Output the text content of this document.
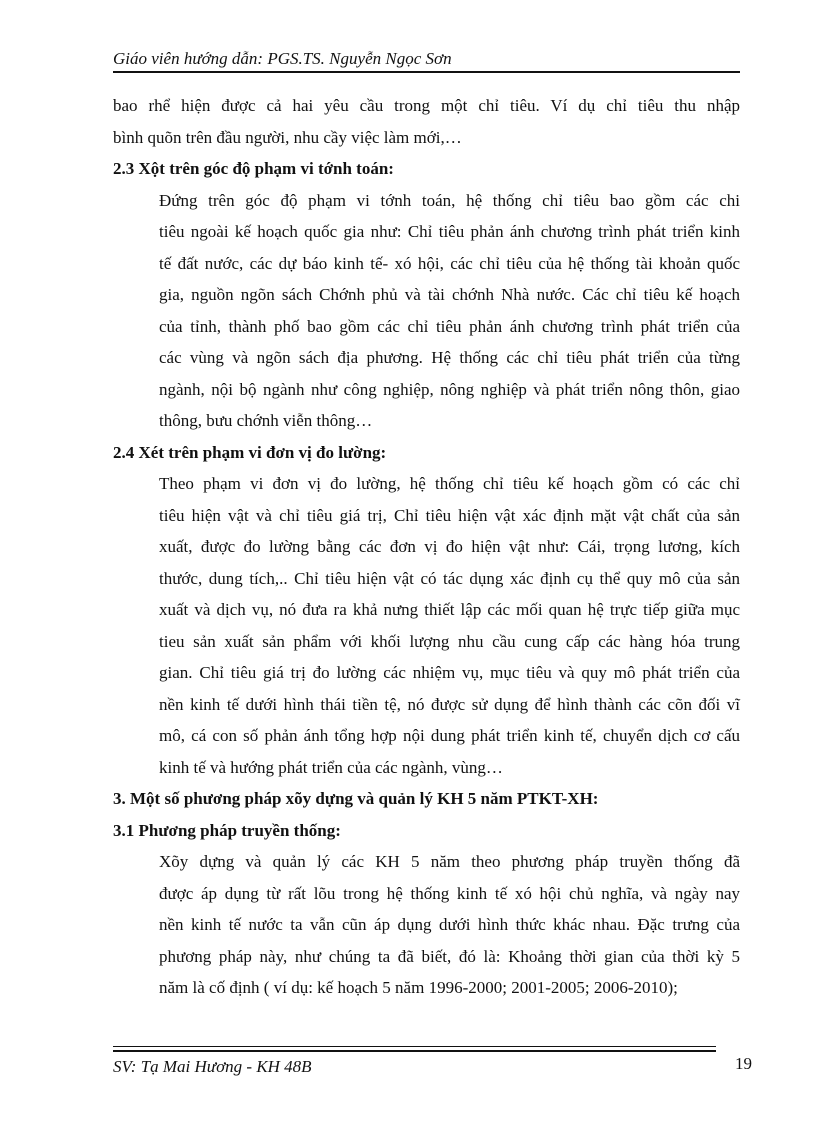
Giáo viên hướng dẫn: PGS.TS. Nguyễn Ngọc Sơn

bao rhể hiện được cả hai yêu cầu trong một chỉ tiêu. Ví dụ chỉ tiêu thu nhập
bình quõn trên đầu người, nhu cầy việc làm mới,…

2.3 Xột trên góc độ phạm vi tớnh toán:

Đứng trên góc độ phạm vi tớnh toán, hệ thống chỉ tiêu bao gồm các chi
tiêu ngoài kế hoạch quốc gia như: Chỉ tiêu phản ánh chương trình phát triển kinh
tế đất nước, các dự báo kinh tế- xó hội, các chỉ tiêu của hệ thống tài khoản quốc
gia, nguồn ngõn sách Chớnh phủ và tài chớnh Nhà nước. Các chỉ tiêu kế hoạch
của tỉnh, thành phố bao gồm các chỉ tiêu phản ánh chương trình phát triển của
các vùng và ngõn sách địa phương. Hệ thống các chỉ tiêu phát triển của từng
ngành, nội bộ ngành như công nghiệp, nông nghiệp và phát triển nông thôn, giao
thông, bưu chớnh viễn thông…

2.4 Xét trên phạm vi đơn vị đo lường:

Theo phạm vi đơn vị đo lường, hệ thống chỉ tiêu kế hoạch gồm có các chỉ
tiêu hiện vật và chỉ tiêu giá trị, Chỉ tiêu hiện vật xác định mặt vật chất của sản
xuất, được đo lường bằng các đơn vị đo hiện vật như: Cái, trọng lương, kích
thước, dung tích,.. Chỉ tiêu hiện vật có tác dụng xác định cụ thể quy mô của sản
xuất và dịch vụ, nó đưa ra khả nưng thiết lập các mối quan hệ trực tiếp giữa mục
tieu sản xuất sản phẩm với khối lượng nhu cầu cung cấp các hàng hóa trung
gian. Chỉ tiêu giá trị đo lường các nhiệm vụ, mục tiêu và quy mô phát triển của
nền kinh tế dưới hình thái tiền tệ, nó được sử dụng để hình thành các cõn đối vĩ
mô, cá con số phản ánh tổng hợp nội dung phát triển kinh tế, chuyển dịch cơ cấu
kinh tế và hướng phát triển của các ngành, vùng…

3. Một số phương pháp xõy dựng và quản lý KH 5 năm PTKT-XH:

3.1 Phương pháp truyền thống:

Xõy dựng và quản lý các KH 5 năm theo phương pháp truyền thống đã
được áp dụng từ rất lõu trong hệ thống kinh tế xó hội chủ nghĩa, và ngày nay
nền kinh tế nước ta vẫn cũn áp dụng dưới hình thức khác nhau. Đặc trưng của
phương pháp này, như chúng ta đã biết, đó là: Khoảng thời gian của thời kỳ 5
năm là cố định ( ví dụ: kế hoạch 5 năm 1996-2000; 2001-2005; 2006-2010);

SV: Tạ Mai Hương - KH 48B	19
